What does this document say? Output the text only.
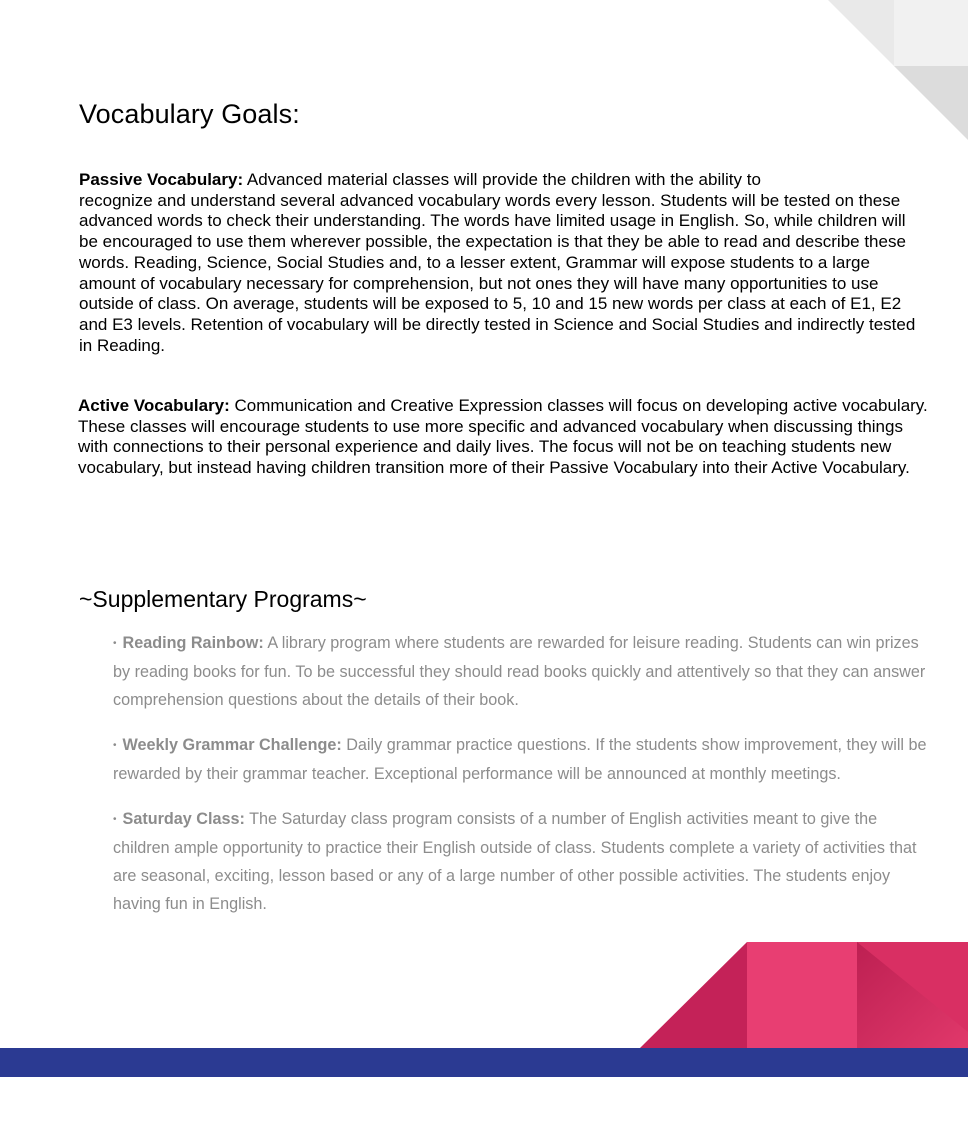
Vocabulary Goals:

Passive Vocabulary: Advanced material classes will provide the children with the ability to
recognize and understand several advanced vocabulary words every lesson. Students will be tested on these advanced words to check their understanding. The words have limited usage in English. So, while children will be encouraged to use them wherever possible, the expectation is that they be able to read and describe these words. Reading, Science, Social Studies and, to a lesser extent, Grammar will expose students to a large amount of vocabulary necessary for comprehension, but not ones they will have many opportunities to use outside of class. On average, students will be exposed to 5, 10 and 15 new words per class at each of E1, E2 and E3 levels. Retention of vocabulary will be directly tested in Science and Social Studies and indirectly tested in Reading.

Active Vocabulary: Communication and Creative Expression classes will focus on developing active vocabulary. These classes will encourage students to use more specific and advanced vocabulary when discussing things with connections to their personal experience and daily lives. The focus will not be on teaching students new vocabulary, but instead having children transition more of their Passive Vocabulary into their Active Vocabulary.

~Supplementary Programs~
• Reading Rainbow: A library program where students are rewarded for leisure reading. Students can win prizes by reading books for fun. To be successful they should read books quickly and attentively so that they can answer comprehension questions about the details of their book.
• Weekly Grammar Challenge: Daily grammar practice questions. If the students show improvement, they will be rewarded by their grammar teacher. Exceptional performance will be announced at monthly meetings.
• Saturday Class: The Saturday class program consists of a number of English activities meant to give the children ample opportunity to practice their English outside of class. Students complete a variety of activities that are seasonal, exciting, lesson based or any of a large number of other possible activities. The students enjoy having fun in English.
